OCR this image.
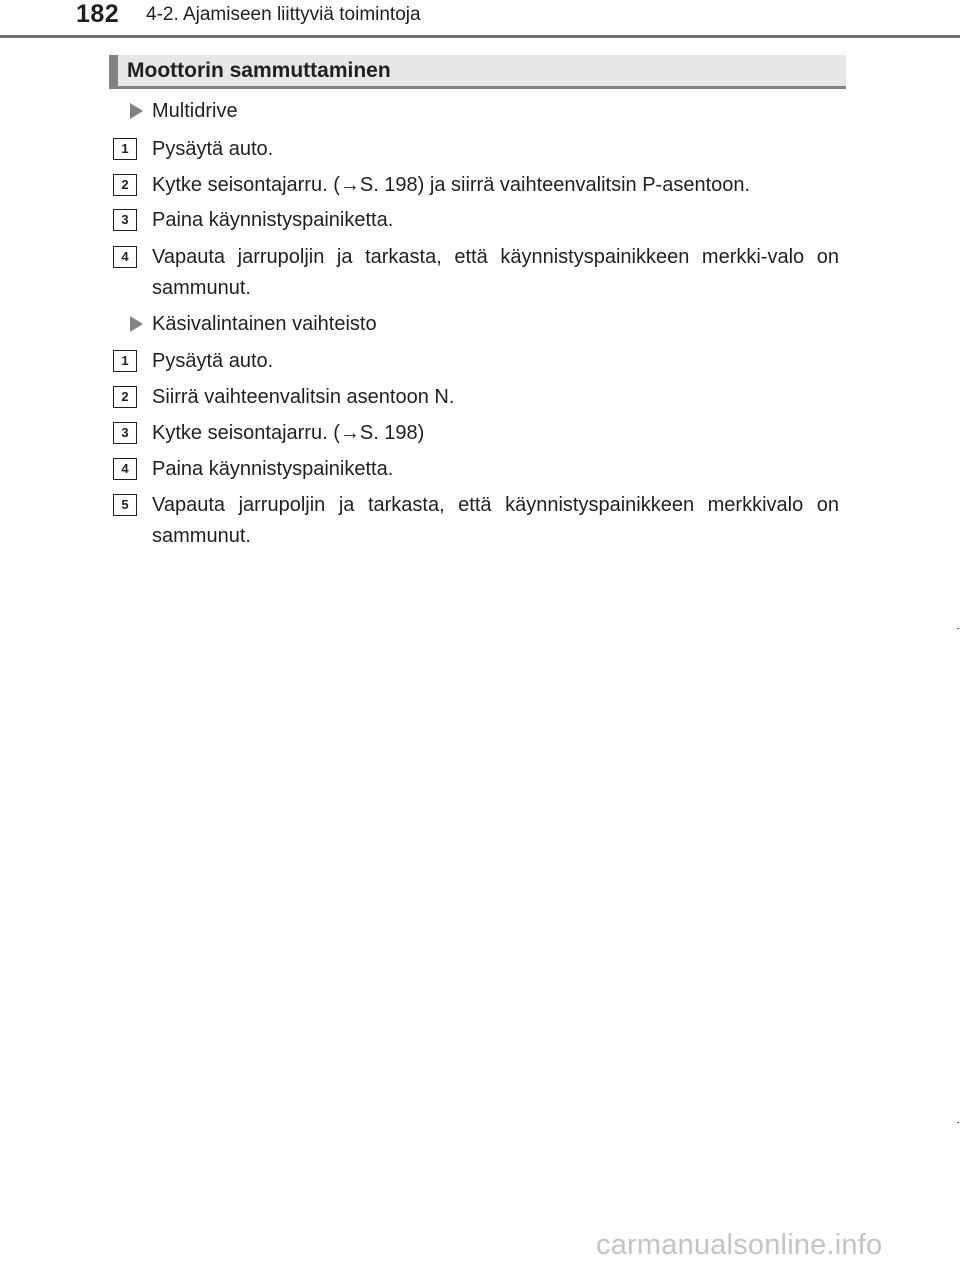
182 4-2. Ajamiseen liittyviä toimintoja
Moottorin sammuttaminen
Multidrive
1	Pysäytä auto.
2	Kytke seisontajarru. (→S. 198) ja siirrä vaihteenvalitsin P-asentoon.
3	Paina käynnistyspainiketta.
4	Vapauta jarrupoljin ja tarkasta, että käynnistyspainikkeen merkki-valo on sammunut.
Käsivalintainen vaihteisto
1	Pysäytä auto.
2	Siirrä vaihteenvalitsin asentoon N.
3	Kytke seisontajarru. (→S. 198)
4	Paina käynnistyspainiketta.
5	Vapauta jarrupoljin ja tarkasta, että käynnistyspainikkeen merkkivalo on sammunut.
carmanualsonline.info
